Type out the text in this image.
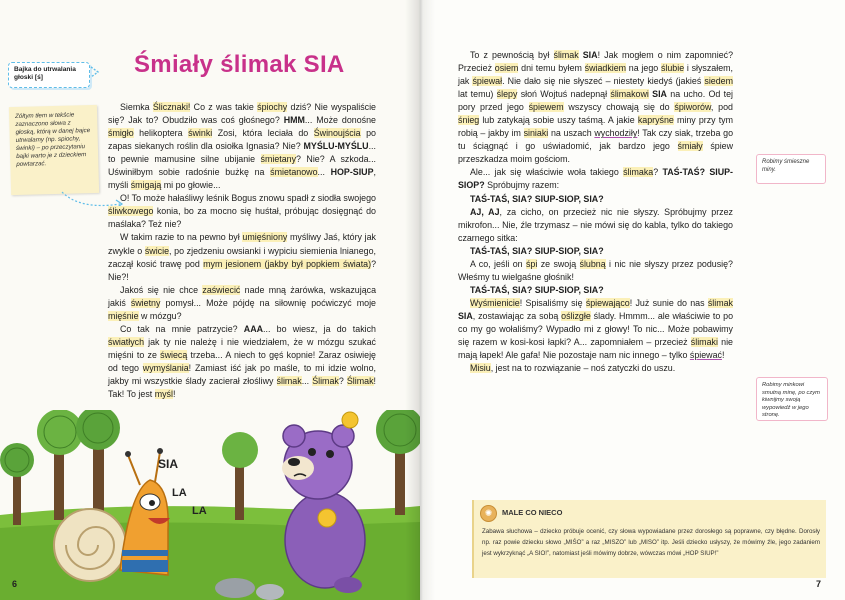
Bajka do utrwalania głoski [ś]
Zółtym tłem w tekście zaznaczono słowa z głoską, którą w danej bajce utrwalamy (np. spiochy, świnki) – po przeczytaniu bajki warto je z dzieckiem powtarzać.
Śmiały ślimak SIA

Siemka Ślicznaki! Co z was takie śpiochy dziś? Nie wyspaliście się? Jak to? Obudziło was coś głośnego? HMM... Może donośne śmigło helikoptera świnki Zosi, która leciała do Świnoujścia po zapas siekanych roślin dla osiołka Ignasia? Nie? MYŚLU-MYŚLU... to pewnie mamusine silne ubijanie śmietany? Nie? A szkoda... Uświniłbym sobie radośnie bużkę na śmietanowo... HOP-SIUP, myśli śmigają mi po głowie...

O! To może hałaśliwy leśnik Bogus znowu spadł z siodła swojego śliwkowego konia, bo za mocno się huśtał, próbując dosięgnąć do maślaka? Też nie?

W takim razie to na pewno był umięśniony myśliwy Jaś, który jak zwykle o świcie, po zjedzeniu owsianki i wypiciu siemienia lnianego, zaczął kosić trawę pod mym jesionem (jakby był popkiem świata)? Nie?!

Jakoś się nie chce zaświecić nade mną żarówka, wskazująca jakiś świetny pomysł... Może pójdę na siłownię poćwiczyć moje mięśnie w mózgu?

Co tak na mnie patrzycie? AAA... bo wiesz, ja do takich światłych jak ty nie należę i nie wiedziałem, że w mózgu szukać mięśni to ze świecą trzeba... A niech to gęś kopnie! Zaraz osiwieję od tego wymyślania! Zamiast iść jak po maśle, to mi idzie wolno, jakby mi wszystkie ślady zacierał złośliwy ślimak... Ślimak? Ślimak! Tak! To jest myśl!

SIA
LA
LA
6

To z pewnością był ślimak SIA! Jak mogłem o nim zapomnieć? Przecież osiem dni temu byłem świadkiem na jego ślubie i słyszałem, jak śpiewał. Nie dało się nie słyszeć – niestety kiedyś (jakieś siedem lat temu) ślepy słoń Wojtuś nadepnął ślimakowi SIA na ucho. Od tej pory przed jego śpiewem wszyscy chowają się do śpiworów, pod śnieg lub zatykają sobie uszy taśmą. A jakie kapryśne miny przy tym robią – jakby im siniaki na uszach wychodziły! Tak czy siak, trzeba go tu ściągnąć i go uświadomić, jak bardzo jego śmiały śpiew przeszkadza moim gościom.

Ale... jak się właściwie woła takiego ślimaka? TAŚ-TAŚ? SIUP-SIOP? Spróbujmy razem:

TAŚ-TAŚ, SIA? SIUP-SIOP, SIA?

AJ, AJ, za cicho, on przecież nic nie słyszy. Spróbujmy przez mikrofon... Nie, źle trzymasz – nie mówi się do kabla, tylko do takiego czarnego sitka:

TAŚ-TAŚ, SIA? SIUP-SIOP, SIA?

A co, jeśli on śpi ze swoją ślubną i nic nie słyszy przez podusię? Włeśmy tu wielgaśne głośnik!

TAŚ-TAŚ, SIA? SIUP-SIOP, SIA?

Wyśmienicie! Spisaliśmy się śpiewająco! Już sunie do nas ślimak SIA, zostawiając za sobą oślizgłe ślady. Hmmm... ale właściwie to po co my go wołaliśmy? Wypadło mi z głowy! To nic... Może pobawimy się razem w kosi-kosi łapki? A... zapomniałem – przecież ślimaki nie mają łapek! Ale gafa! Nie pozostaje nam nic innego – tylko śpiewać!

Misiu, jest na to rozwiązanie – noś zatyczki do uszu.

Robimy śmieszne miny.
Robimy minkowi smutną minę, po czym kiwnijmy swoją wypowiedź w jego stronę.
✺	MALE CO NIECO
Zabawa słuchowa – dziecko próbuje ocenić, czy słowa wypowiadane przez dorosłego są poprawne, czy błędne. Dorosły np. raz powie dziecku słowo „MIŚO” a raz „MISZO” lub „MISO” itp. Jeśli dziecko usłyszy, że mówimy źle, jego zadaniem jest wykrzyknąć „A SIO!”, natomiast jeśli mówimy dobrze, wówczas mówi „HOP SIUP!”
7
